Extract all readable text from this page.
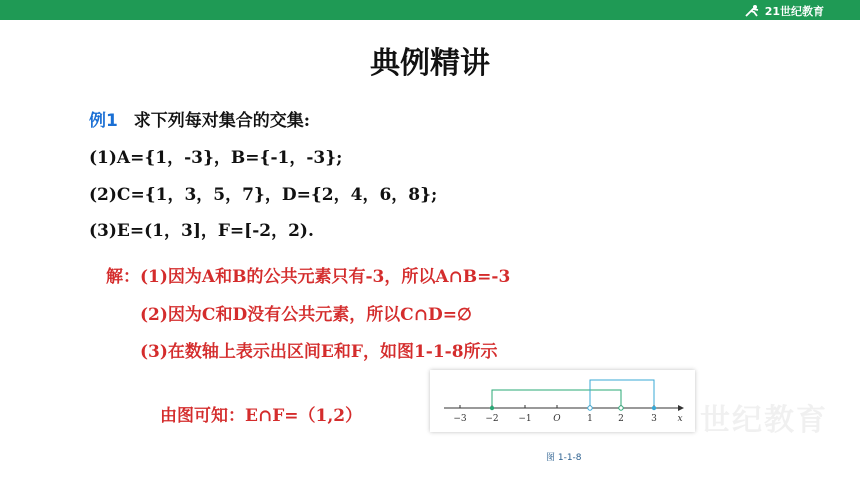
21世纪教育
典例精讲
例1 求下列每对集合的交集:
(1)A={1，-3}，B={-1，-3};
(2)C={1，3，5，7}，D={2，4，6，8};
(3)E=(1，3]，F=[-2，2).
解：(1)因为A和B的公共元素只有-3，所以A∩B=-3
(2)因为C和D没有公共元素，所以C∩D=∅
(3)在数轴上表示出区间E和F，如图1-1-8所示
由图可知：E∩F=（1,2）	−3 −2 −1 O	1	2	3 x
图 1-1-8
世纪教育
